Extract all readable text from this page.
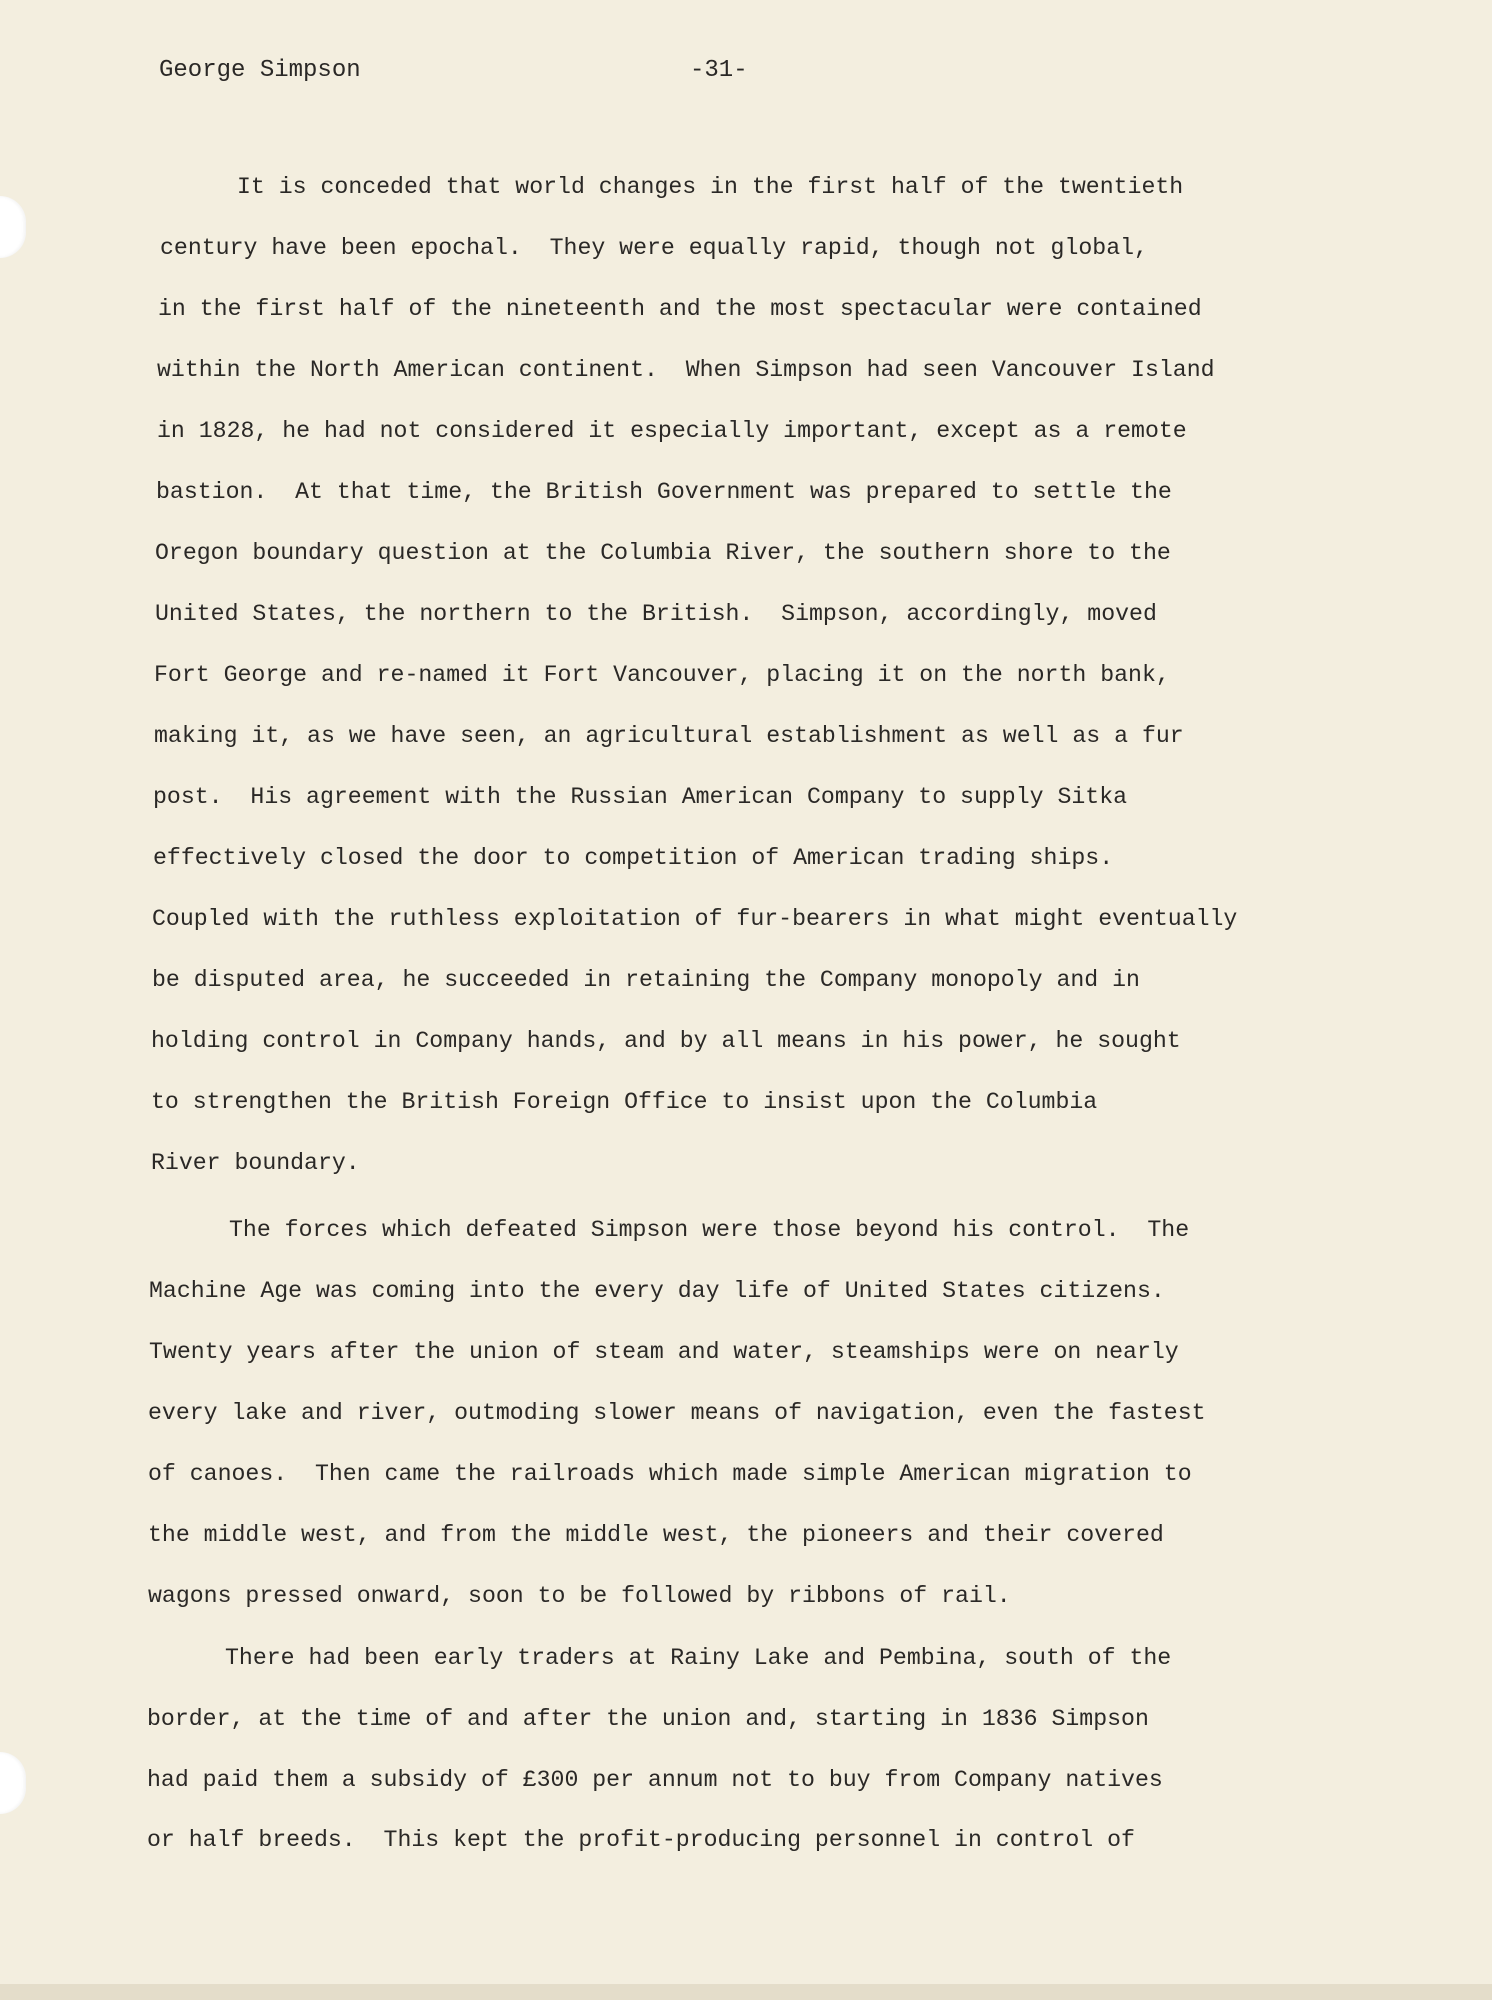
George Simpson	-31-
It is conceded that world changes in the first half of the twentieth
century have been epochal.  They were equally rapid, though not global,
in the first half of the nineteenth and the most spectacular were contained
within the North American continent.  When Simpson had seen Vancouver Island
in 1828, he had not considered it especially important, except as a remote
bastion.  At that time, the British Government was prepared to settle the
Oregon boundary question at the Columbia River, the southern shore to the
United States, the northern to the British.  Simpson, accordingly, moved
Fort George and re-named it Fort Vancouver, placing it on the north bank,
making it, as we have seen, an agricultural establishment as well as a fur
post.  His agreement with the Russian American Company to supply Sitka
effectively closed the door to competition of American trading ships.
Coupled with the ruthless exploitation of fur-bearers in what might eventually
be disputed area, he succeeded in retaining the Company monopoly and in
holding control in Company hands, and by all means in his power, he sought
to strengthen the British Foreign Office to insist upon the Columbia
River boundary.
The forces which defeated Simpson were those beyond his control.  The
Machine Age was coming into the every day life of United States citizens.
Twenty years after the union of steam and water, steamships were on nearly
every lake and river, outmoding slower means of navigation, even the fastest
of canoes.  Then came the railroads which made simple American migration to
the middle west, and from the middle west, the pioneers and their covered
wagons pressed onward, soon to be followed by ribbons of rail.
There had been early traders at Rainy Lake and Pembina, south of the
border, at the time of and after the union and, starting in 1836 Simpson
had paid them a subsidy of £300 per annum not to buy from Company natives
or half breeds.  This kept the profit-producing personnel in control of
